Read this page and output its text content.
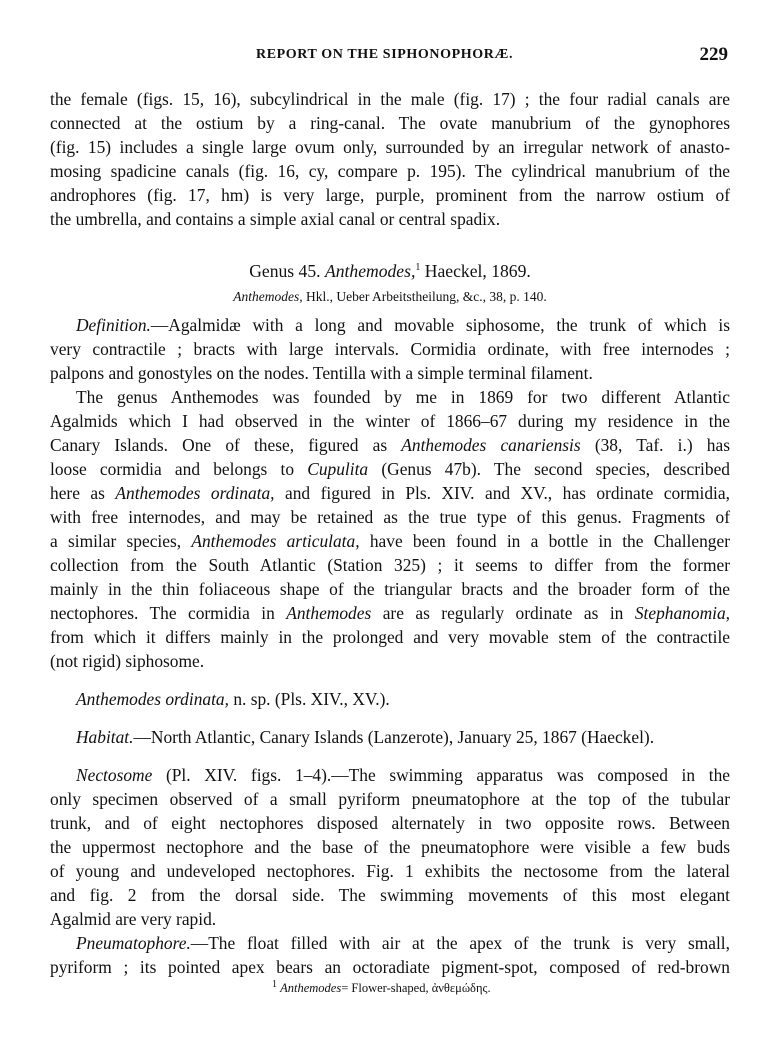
REPORT ON THE SIPHONOPHORÆ.	229
the female (figs. 15, 16), subcylindrical in the male (fig. 17) ; the four radial canals are
connected at the ostium by a ring-canal. The ovate manubrium of the gynophores
(fig. 15) includes a single large ovum only, surrounded by an irregular network of anasto-
mosing spadicine canals (fig. 16, cy, compare p. 195). The cylindrical manubrium of the
androphores (fig. 17, hm) is very large, purple, prominent from the narrow ostium of
the umbrella, and contains a simple axial canal or central spadix.
Genus 45. Anthemodes,$^1$ Haeckel, 1869.
Anthemodes, Hkl., Ueber Arbeitstheilung, &c., 38, p. 140.
Definition.—Agalmidæ with a long and movable siphosome, the trunk of which is
very contractile ; bracts with large intervals. Cormidia ordinate, with free internodes ;
palpons and gonostyles on the nodes. Tentilla with a simple terminal filament.
The genus Anthemodes was founded by me in 1869 for two different Atlantic
Agalmids which I had observed in the winter of 1866–67 during my residence in the
Canary Islands. One of these, figured as Anthemodes canariensis (38, Taf. i.) has
loose cormidia and belongs to Cupulita (Genus 47b). The second species, described
here as Anthemodes ordinata, and figured in Pls. XIV. and XV., has ordinate cormidia,
with free internodes, and may be retained as the true type of this genus. Fragments of
a similar species, Anthemodes articulata, have been found in a bottle in the Challenger
collection from the South Atlantic (Station 325) ; it seems to differ from the former
mainly in the thin foliaceous shape of the triangular bracts and the broader form of the
nectophores. The cormidia in Anthemodes are as regularly ordinate as in Stephanomia,
from which it differs mainly in the prolonged and very movable stem of the contractile
(not rigid) siphosome.
Anthemodes ordinata, n. sp. (Pls. XIV., XV.).
Habitat.—North Atlantic, Canary Islands (Lanzerote), January 25, 1867 (Haeckel).
Nectosome (Pl. XIV. figs. 1–4).—The swimming apparatus was composed in the
only specimen observed of a small pyriform pneumatophore at the top of the tubular
trunk, and of eight nectophores disposed alternately in two opposite rows. Between
the uppermost nectophore and the base of the pneumatophore were visible a few buds
of young and undeveloped nectophores. Fig. 1 exhibits the nectosome from the lateral
and fig. 2 from the dorsal side. The swimming movements of this most elegant
Agalmid are very rapid.
Pneumatophore.—The float filled with air at the apex of the trunk is very small,
pyriform ; its pointed apex bears an octoradiate pigment-spot, composed of red-brown
$^1$ Anthemodes= Flower-shaped, ἀνθεμώδης.
